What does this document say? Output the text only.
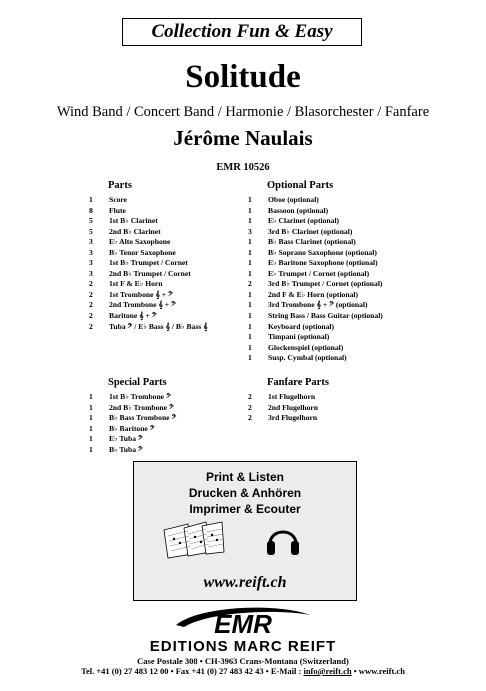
Collection Fun & Easy
Solitude
Wind Band / Concert Band / Harmonie / Blasorchester / Fanfare
Jérôme Naulais
EMR 10526
Parts
1	Score
8	Flute
5	1st B♭ Clarinet
5	2nd B♭ Clarinet
3	E♭ Alto Saxophone
3	B♭ Tenor Saxophone
3	1st B♭ Trumpet / Cornet
3	2nd B♭ Trumpet / Cornet
2	1st F & E♭ Horn
2	1st Trombone 𝄞 + 𝄢
2	2nd Trombone 𝄞 + 𝄢
2	Baritone 𝄞 + 𝄢
2	Tuba 𝄢 / E♭ Bass 𝄞 / B♭ Bass 𝄞
Optional Parts
1	Oboe (optional)
1	Bassoon (optional)
1	E♭ Clarinet (optional)
3	3rd B♭ Clarinet (optional)
1	B♭ Bass Clarinet (optional)
1	B♭ Soprano Saxophone (optional)
1	E♭ Baritone Saxophone (optional)
1	E♭ Trumpet / Cornet (optional)
2	3rd B♭ Trumpet / Cornet (optional)
1	2nd F & E♭ Horn (optional)
1	3rd Trombone 𝄞 + 𝄢 (optional)
1	String Bass / Bass Guitar (optional)
1	Keyboard (optional)
1	Timpani (optional)
1	Glockenspiel (optional)
1	Susp. Cymbal (optional)
Special Parts
1	1st B♭ Trombone 𝄢
1	2nd B♭ Trombone 𝄢
1	B♭ Bass Trombone 𝄢
1	B♭ Baritone 𝄢
1	E♭ Tuba 𝄢
1	B♭ Tuba 𝄢
Fanfare Parts
2	1st Flugelhorn
2	2nd Flugelhorn
2	3rd Flugelhorn
Print & Listen
Drucken & Anhören
Imprimer & Ecouter
www.reift.ch
EMR
EDITIONS MARC REIFT
Case Postale 308 • CH-3963 Crans-Montana (Switzerland)
Tel. +41 (0) 27 483 12 00 • Fax +41 (0) 27 483 42 43 • E-Mail : info@reift.ch • www.reift.ch
